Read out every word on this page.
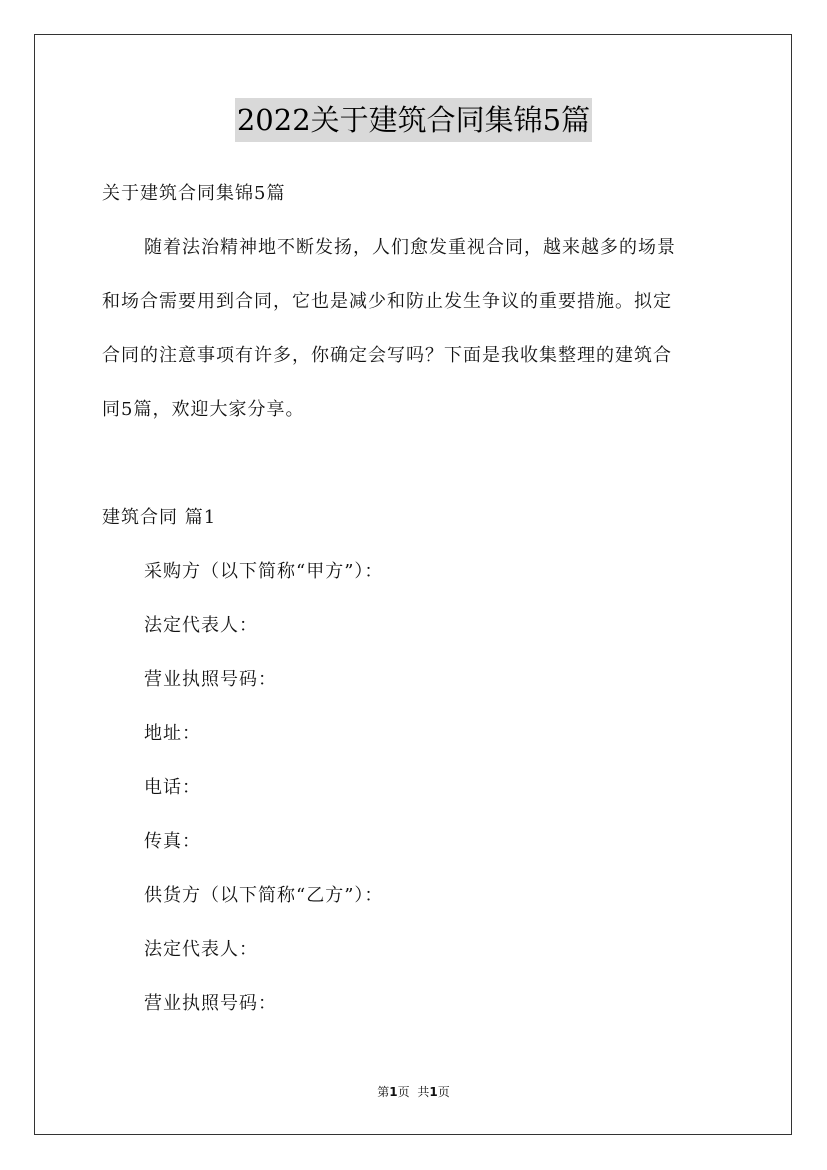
2022关于建筑合同集锦5篇
关于建筑合同集锦5篇
随着法治精神地不断发扬，人们愈发重视合同，越来越多的场景
和场合需要用到合同，它也是减少和防止发生争议的重要措施。拟定
合同的注意事项有许多，你确定会写吗？下面是我收集整理的建筑合
同5篇，欢迎大家分享。
建筑合同 篇1
采购方（以下简称“甲方”）：
法定代表人：
营业执照号码：
地址：
电话：
传真：
供货方（以下简称“乙方”）：
法定代表人：
营业执照号码：
第1页 共1页
